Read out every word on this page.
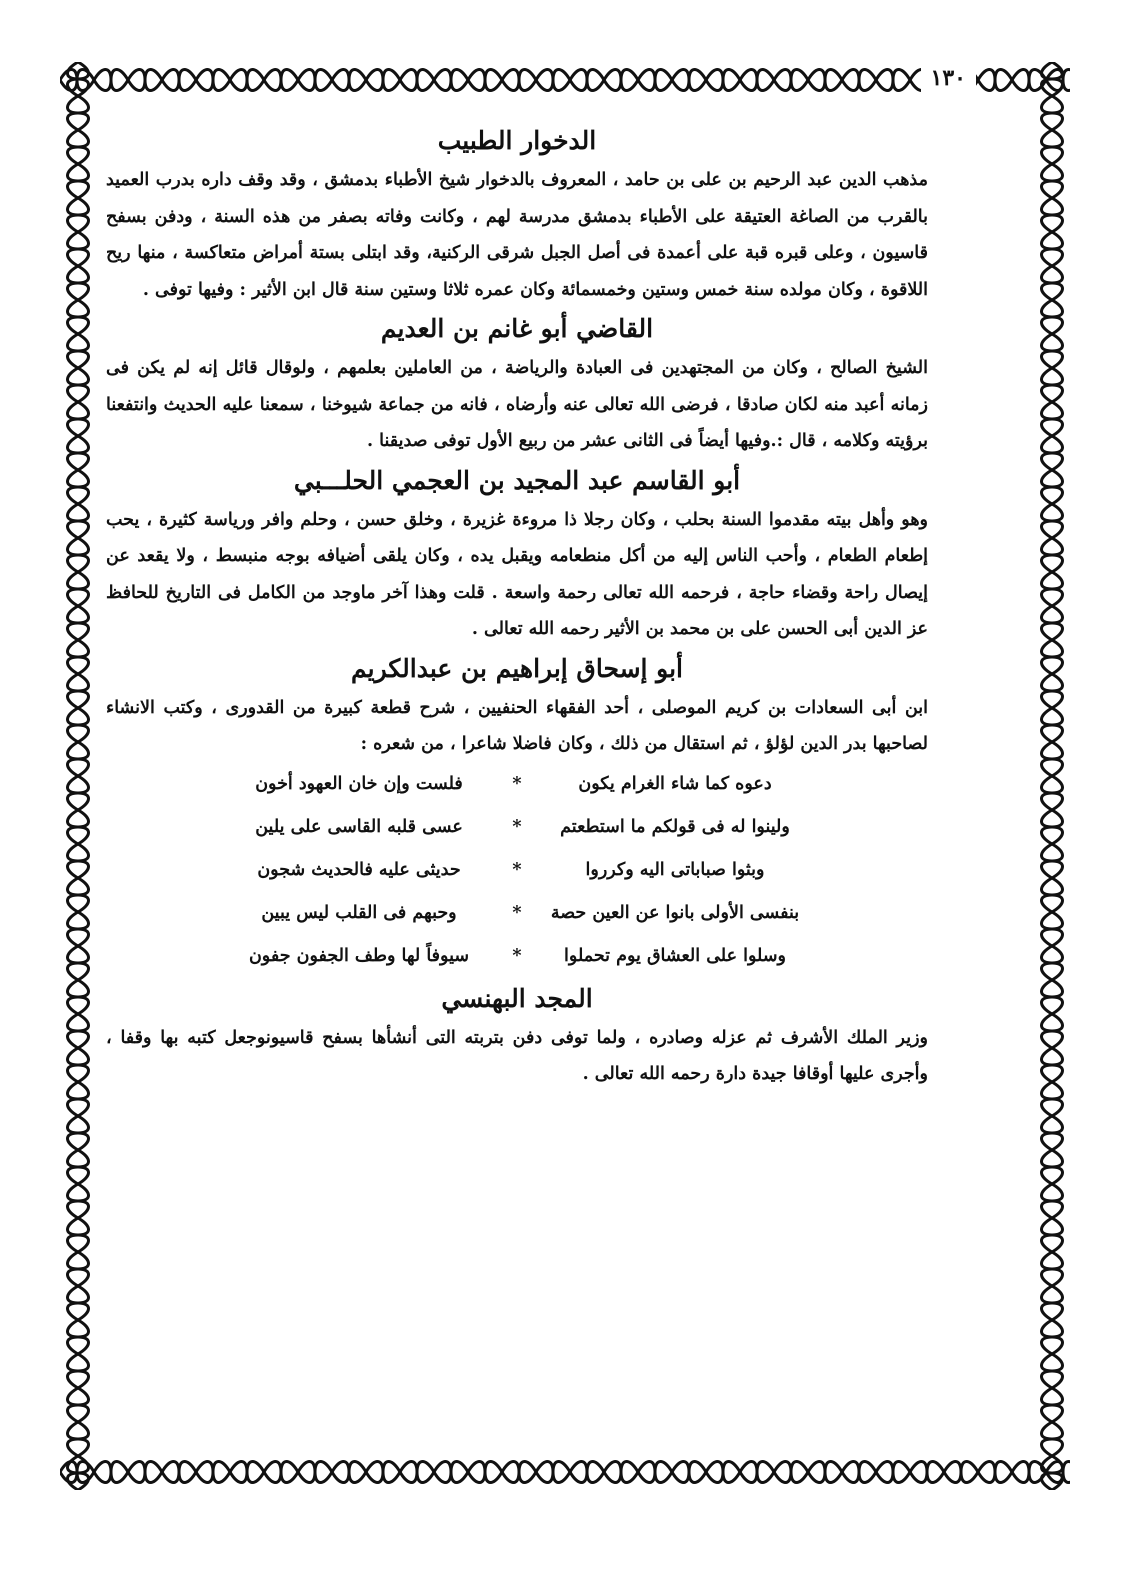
١٣٠
الدخوار الطبيب

مذهب الدين عبد الرحيم بن على بن حامد ، المعروف بالدخوار شيخ الأطباء بدمشق ، وقد وقف داره بدرب العميد بالقرب من الصاغة العتيقة على الأطباء بدمشق مدرسة لهم ، وكانت وفاته بصفر من هذه السنة ، ودفن بسفح قاسيون ، وعلى قبره قبة على أعمدة فى أصل الجبل شرقى الركنية، وقد ابتلى بستة أمراض متعاكسة ، منها ريح اللاقوة ، وكان مولده سنة خمس وستين وخمسمائة وكان عمره ثلاثا وستين سنة قال ابن الأثير : وفيها توفى .

القاضي أبو غانم بن العديم

الشيخ الصالح ، وكان من المجتهدين فى العبادة والرياضة ، من العاملين بعلمهم ، ولوقال قائل إنه لم يكن فى زمانه أعبد منه لكان صادقا ، فرضى الله تعالى عنه وأرضاه ، فانه من جماعة شيوخنا ، سمعنا عليه الحديث وانتفعنا برؤيته وكلامه ، قال :.وفيها أيضاً فى الثانى عشر من ربيع الأول توفى صديقنا .

أبو القاسم عبد المجيد بن العجمي الحلـــبي

وهو وأهل بيته مقدموا السنة بحلب ، وكان رجلا ذا مروءة غزيرة ، وخلق حسن ، وحلم وافر ورياسة كثيرة ، يحب إطعام الطعام ، وأحب الناس إليه من أكل منطعامه ويقبل يده ، وكان يلقى أضيافه بوجه منبسط ، ولا يقعد عن إيصال راحة وقضاء حاجة ، فرحمه الله تعالى رحمة واسعة . قلت وهذا آخر ماوجد من الكامل فى التاريخ للحافظ عز الدين أبى الحسن على بن محمد بن الأثير رحمه الله تعالى .

أبو إسحاق إبراهيم بن عبدالكريم

ابن أبى السعادات بن كريم الموصلى ، أحد الفقهاء الحنفيين ، شرح قطعة كبيرة من القدورى ، وكتب الانشاء لصاحبها بدر الدين لؤلؤ ، ثم استقال من ذلك ، وكان فاضلا شاعرا ، من شعره :

دعوه كما شاء الغرام يكون
*
فلست وإن خان العهود أخون
ولينوا له فى قولكم ما استطعتم
*
عسى قلبه القاسى على يلين
وبثوا صباباتى اليه وكرروا
*
حديثى عليه فالحديث شجون
بنفسى الأولى بانوا عن العين حصة
*
وحبهم فى القلب ليس يبين
وسلوا على العشاق يوم تحملوا
*
سيوفاً لها وطف الجفون جفون
المجد البهنسي

وزير الملك الأشرف ثم عزله وصادره ، ولما توفى دفن بتربته التى أنشأها بسفح قاسيونوجعل كتبه بها وقفا ، وأجرى عليها أوقافا جيدة دارة رحمه الله تعالى .
